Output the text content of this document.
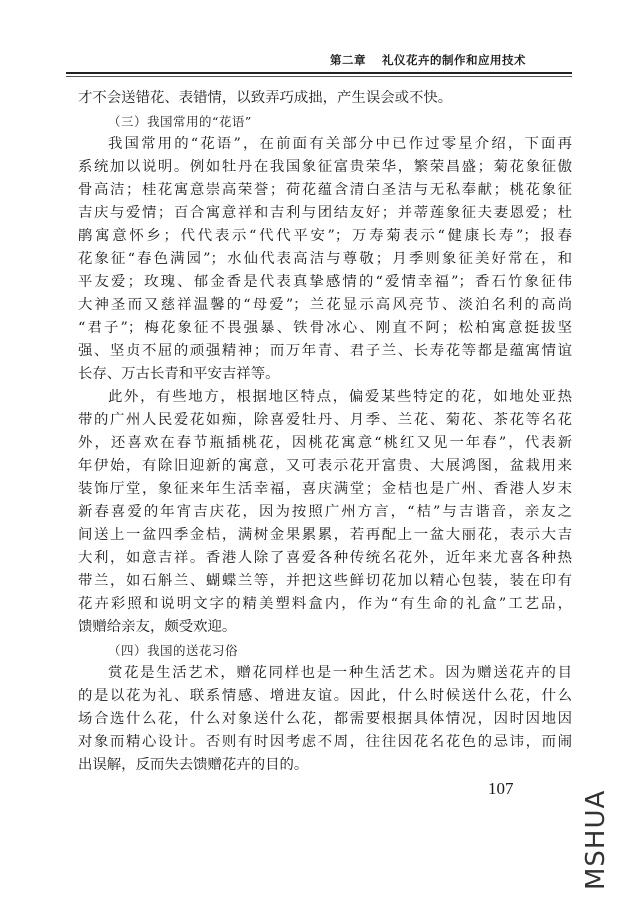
第二章 礼仪花卉的制作和应用技术
才不会送错花、表错情，以致弄巧成拙，产生误会或不快。
（三）我国常用的“花语”
我国常用的“花语”，在前面有关部分中已作过零星介绍，下面再
系统加以说明。例如牡丹在我国象征富贵荣华，繁荣昌盛；菊花象征傲
骨高洁；桂花寓意崇高荣誉；荷花蕴含清白圣洁与无私奉献；桃花象征
吉庆与爱情；百合寓意祥和吉利与团结友好；并蒂莲象征夫妻恩爱；杜
鹃寓意怀乡；代代表示“代代平安”；万寿菊表示“健康长寿”；报春
花象征“春色满园”；水仙代表高洁与尊敬；月季则象征美好常在，和
平友爱；玫瑰、郁金香是代表真挚感情的“爱情幸福”；香石竹象征伟
大神圣而又慈祥温馨的“母爱”；兰花显示高风亮节、淡泊名利的高尚
“君子”；梅花象征不畏强暴、铁骨冰心、刚直不阿；松柏寓意挺拔坚
强、坚贞不屈的顽强精神；而万年青、君子兰、长寿花等都是蕴寓情谊
长存、万古长青和平安吉祥等。
此外，有些地方，根据地区特点，偏爱某些特定的花，如地处亚热
带的广州人民爱花如痴，除喜爱牡丹、月季、兰花、菊花、茶花等名花
外，还喜欢在春节瓶插桃花，因桃花寓意“桃红又见一年春”，代表新
年伊始，有除旧迎新的寓意，又可表示花开富贵、大展鸿图，盆栽用来
装饰厅堂，象征来年生活幸福，喜庆满堂；金桔也是广州、香港人岁末
新春喜爱的年宵吉庆花，因为按照广州方言，“桔”与吉谐音，亲友之
间送上一盆四季金桔，满树金果累累，若再配上一盆大丽花，表示大吉
大利，如意吉祥。香港人除了喜爱各种传统名花外，近年来尤喜各种热
带兰，如石斛兰、蝴蝶兰等，并把这些鲜切花加以精心包装，装在印有
花卉彩照和说明文字的精美塑料盒内，作为“有生命的礼盒”工艺品，
馈赠给亲友，颇受欢迎。
（四）我国的送花习俗
赏花是生活艺术，赠花同样也是一种生活艺术。因为赠送花卉的目
的是以花为礼、联系情感、增进友谊。因此，什么时候送什么花，什么
场合选什么花，什么对象送什么花，都需要根据具体情况，因时因地因
对象而精心设计。否则有时因考虑不周，往往因花名花色的忌讳，而闹
出误解，反而失去馈赠花卉的目的。
107
MSHUA
